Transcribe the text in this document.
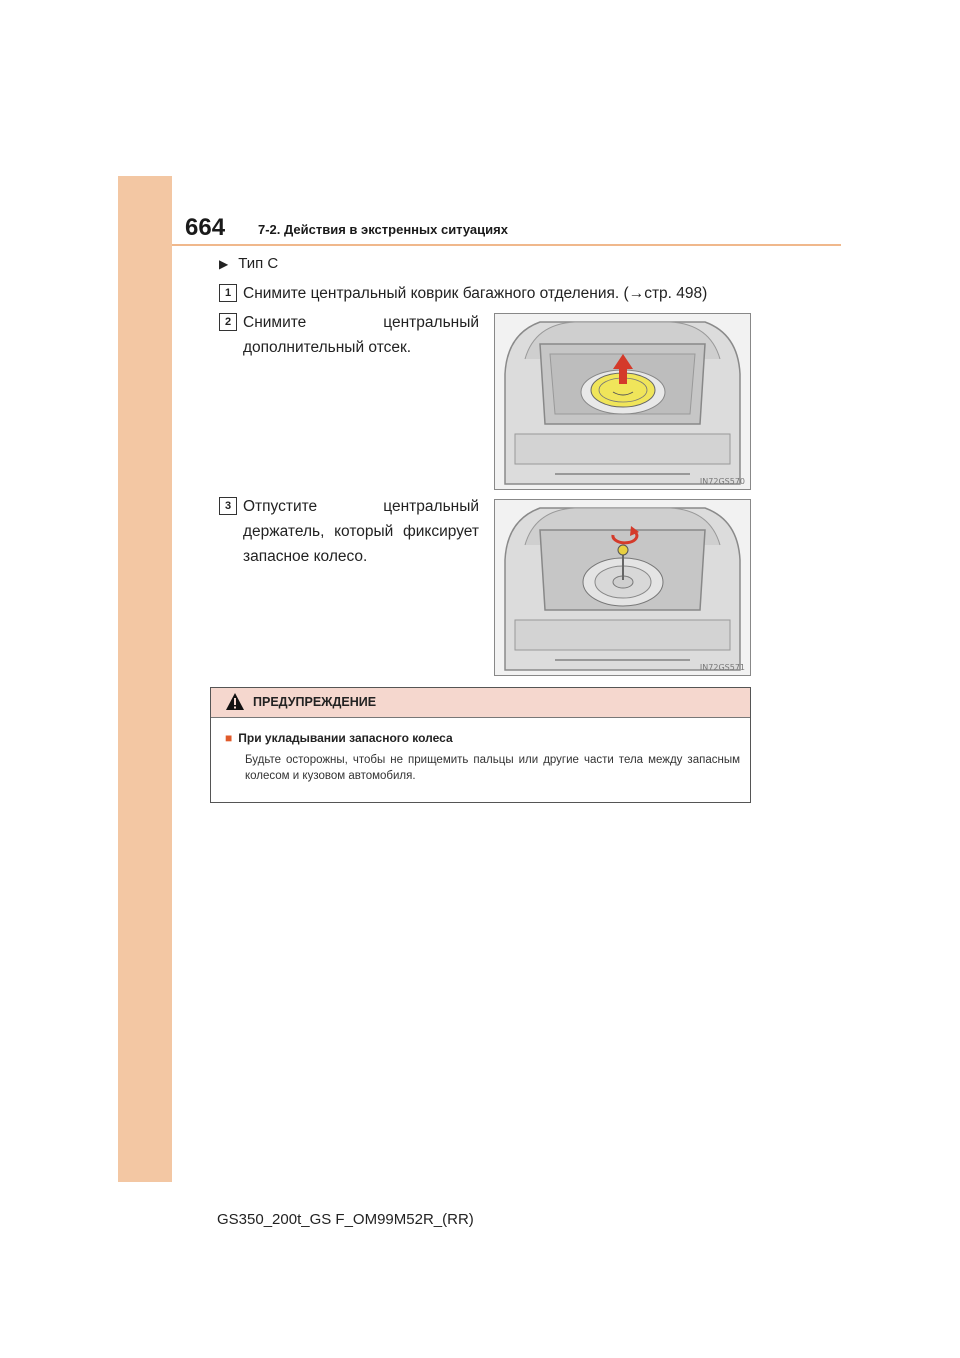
664	7-2. Действия в экстренных ситуациях
▶ Тип С
1 Снимите центральный коврик багажного отделения. (→стр. 498)
2 Снимите центральный дополнительный отсек.
IN72GS570
3 Отпустите центральный держатель, который фиксирует запасное колесо.
IN72GS571
ПРЕДУПРЕЖДЕНИЕ
■ При укладывании запасного колеса
Будьте осторожны, чтобы не прищемить пальцы или другие части тела между запасным колесом и кузовом автомобиля.
GS350_200t_GS F_OM99M52R_(RR)
